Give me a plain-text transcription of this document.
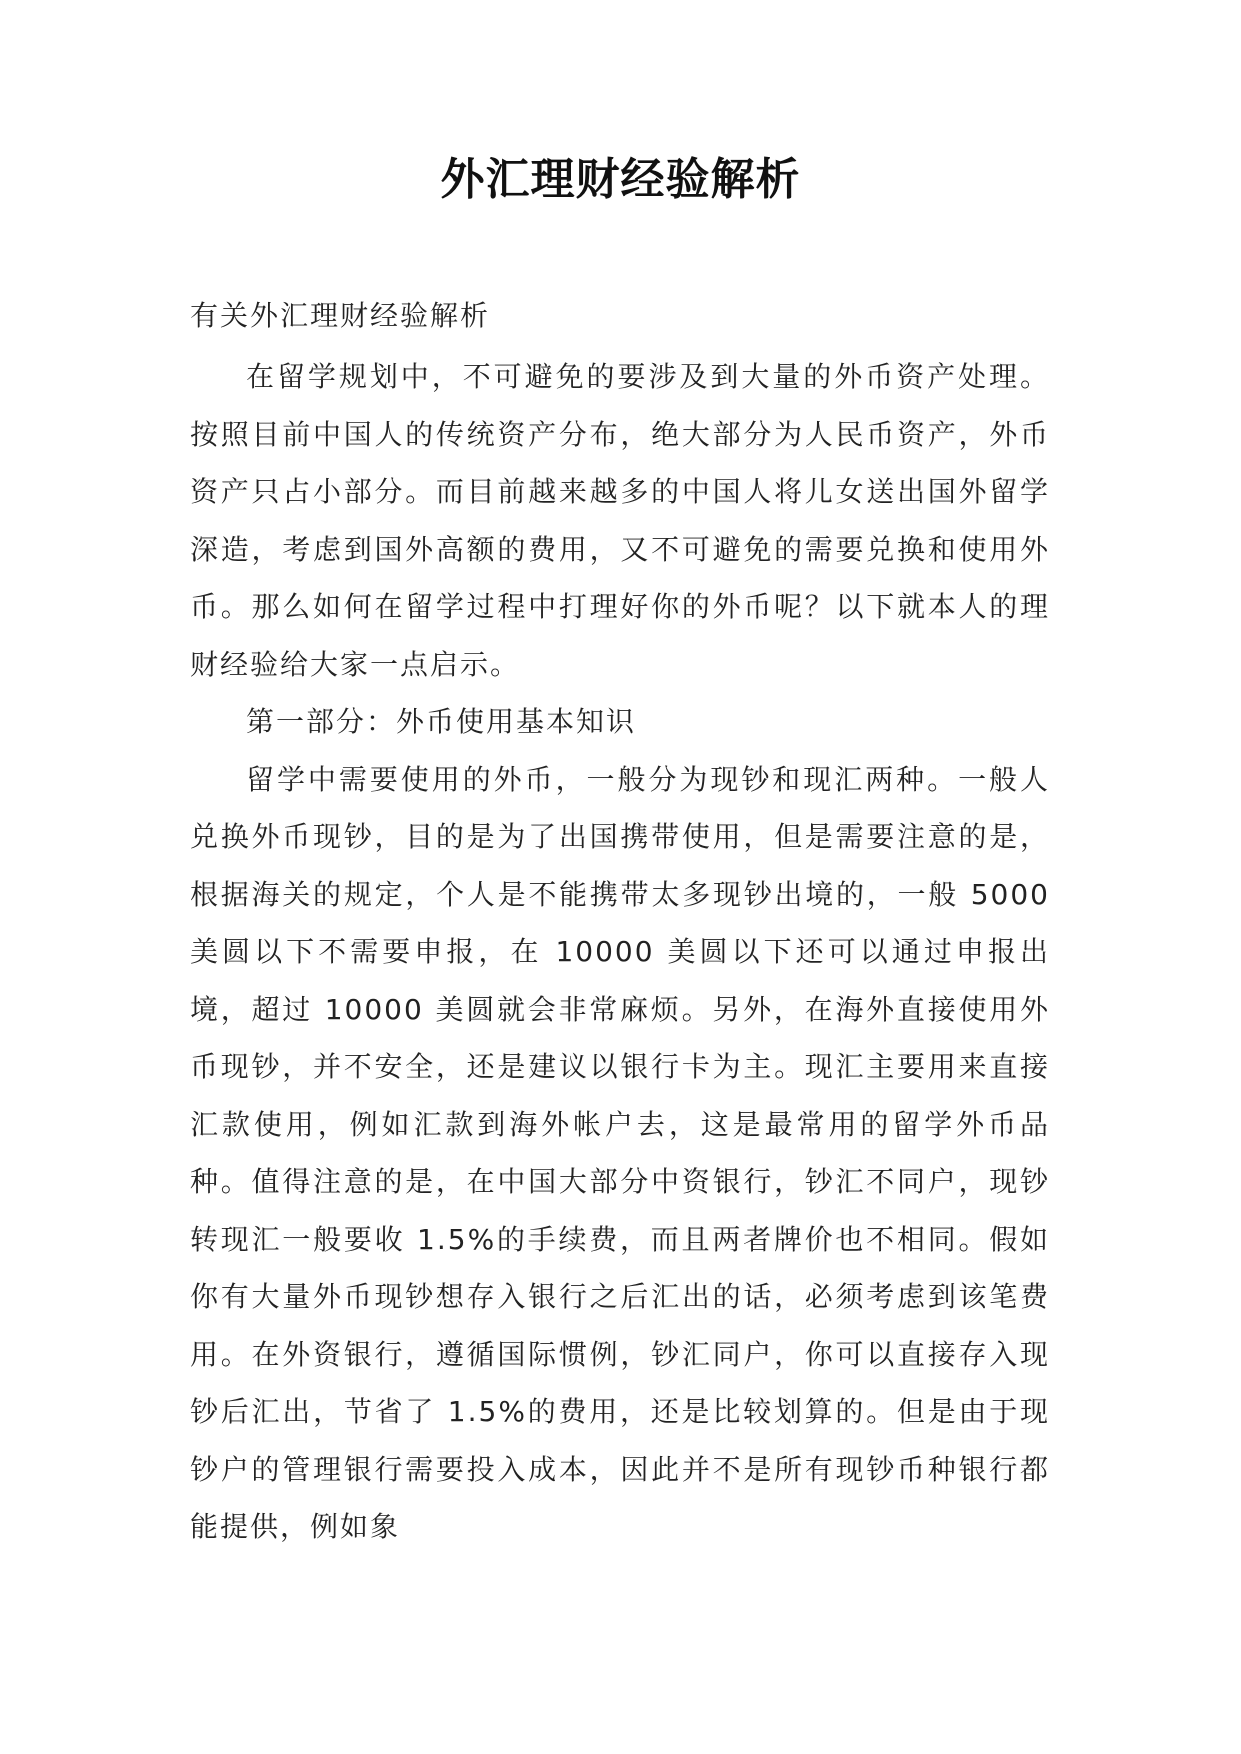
外汇理财经验解析
有关外汇理财经验解析

在留学规划中，不可避免的要涉及到大量的外币资产处理。按照目前中国人的传统资产分布，绝大部分为人民币资产，外币资产只占小部分。而目前越来越多的中国人将儿女送出国外留学深造，考虑到国外高额的费用，又不可避免的需要兑换和使用外币。那么如何在留学过程中打理好你的外币呢？以下就本人的理财经验给大家一点启示。

第一部分：外币使用基本知识

留学中需要使用的外币，一般分为现钞和现汇两种。一般人兑换外币现钞，目的是为了出国携带使用，但是需要注意的是，根据海关的规定，个人是不能携带太多现钞出境的，一般 5000 美圆以下不需要申报，在 10000 美圆以下还可以通过申报出境，超过 10000 美圆就会非常麻烦。另外，在海外直接使用外币现钞，并不安全，还是建议以银行卡为主。现汇主要用来直接汇款使用，例如汇款到海外帐户去，这是最常用的留学外币品种。值得注意的是，在中国大部分中资银行，钞汇不同户，现钞转现汇一般要收 1.5%的手续费，而且两者牌价也不相同。假如你有大量外币现钞想存入银行之后汇出的话，必须考虑到该笔费用。在外资银行，遵循国际惯例，钞汇同户，你可以直接存入现钞后汇出，节省了 1.5%的费用，还是比较划算的。但是由于现钞户的管理银行需要投入成本，因此并不是所有现钞币种银行都能提供，例如象
